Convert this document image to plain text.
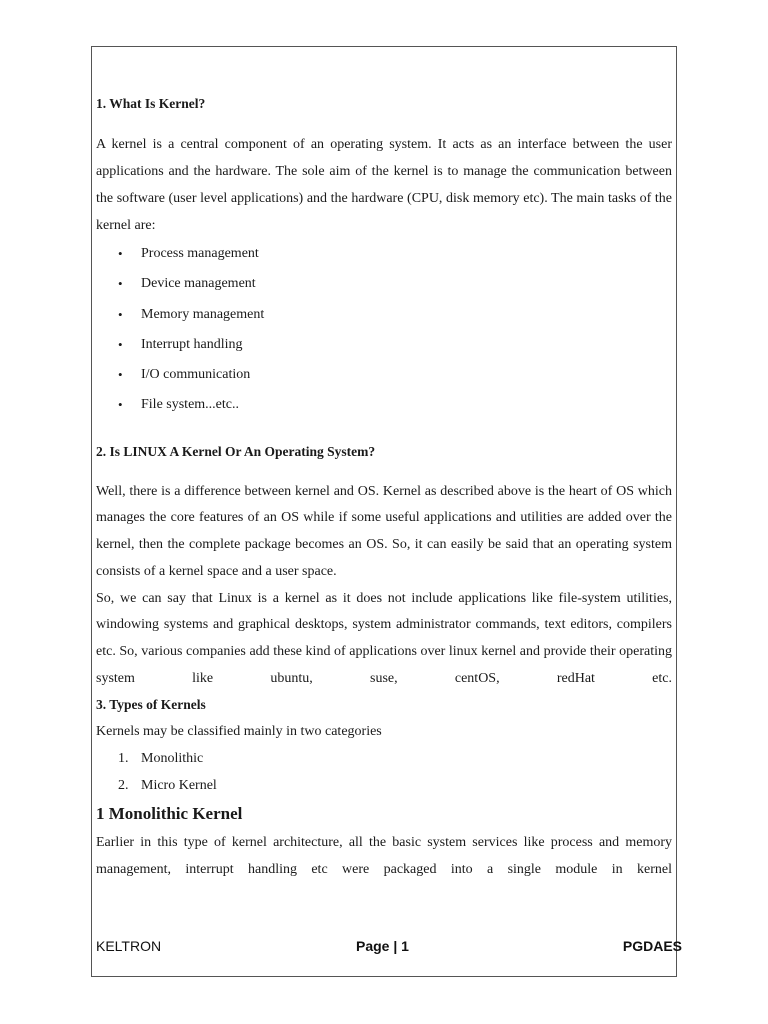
1. What Is Kernel?

A kernel is a central component of an operating system. It acts as an interface between the user applications and the hardware. The sole aim of the kernel is to manage the communication between the software (user level applications) and the hardware (CPU, disk memory etc). The main tasks of the kernel are:

• Process management
• Device management
• Memory management
• Interrupt handling
• I/O communication
• File system...etc..
2. Is LINUX A Kernel Or An Operating System?

Well, there is a difference between kernel and OS. Kernel as described above is the heart of OS which manages the core features of an OS while if some useful applications and utilities are added over the kernel, then the complete package becomes an OS. So, it can easily be said that an operating system consists of a kernel space and a user space.

So, we can say that Linux is a kernel as it does not include applications like file-system utilities, windowing systems and graphical desktops, system administrator commands, text editors, compilers etc. So, various companies add these kind of applications over linux kernel and provide their operating system like ubuntu, suse, centOS, redHat etc.

3. Types of Kernels

Kernels may be classified mainly in two categories

1. Monolithic
2. Micro Kernel
1 Monolithic Kernel

Earlier in this type of kernel architecture, all the basic system services like process and memory management, interrupt handling etc were packaged into a single module in kernel

KELTRON	Page | 1	PGDAES
